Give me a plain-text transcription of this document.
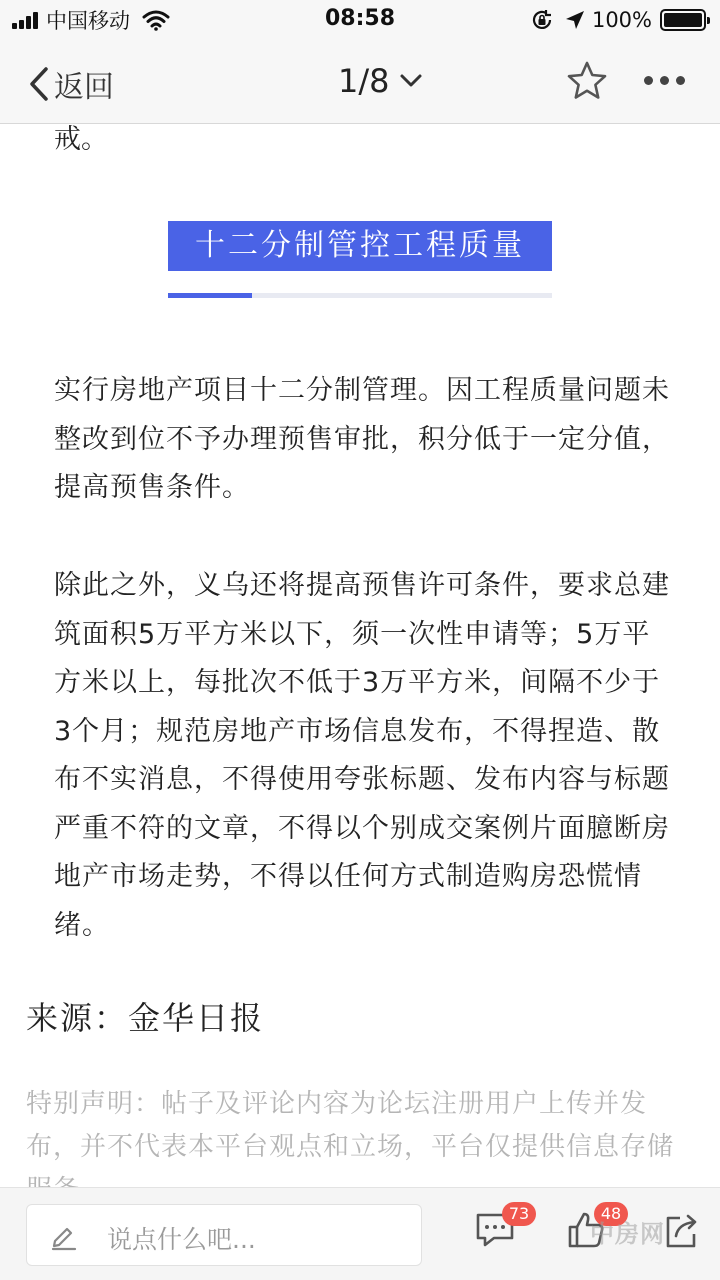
中国移动	08:58	100%
返回	1/8
戒。
十二分制管控工程质量

实行房地产项目十二分制管理。因工程质量问题未整改到位不予办理预售审批，积分低于一定分值，提高预售条件。

除此之外，义乌还将提高预售许可条件，要求总建筑面积5万平方米以下，须一次性申请等；5万平方米以上，每批次不低于3万平方米，间隔不少于3个月；规范房地产市场信息发布，不得捏造、散布不实消息，不得使用夸张标题、发布内容与标题严重不符的文章，不得以个别成交案例片面臆断房地产市场走势，不得以任何方式制造购房恐慌情绪。

来源：金华日报

特别声明：帖子及评论内容为论坛注册用户上传并发布，并不代表本平台观点和立场，平台仅提供信息存储

说点什么吧...
73	48
中房网
